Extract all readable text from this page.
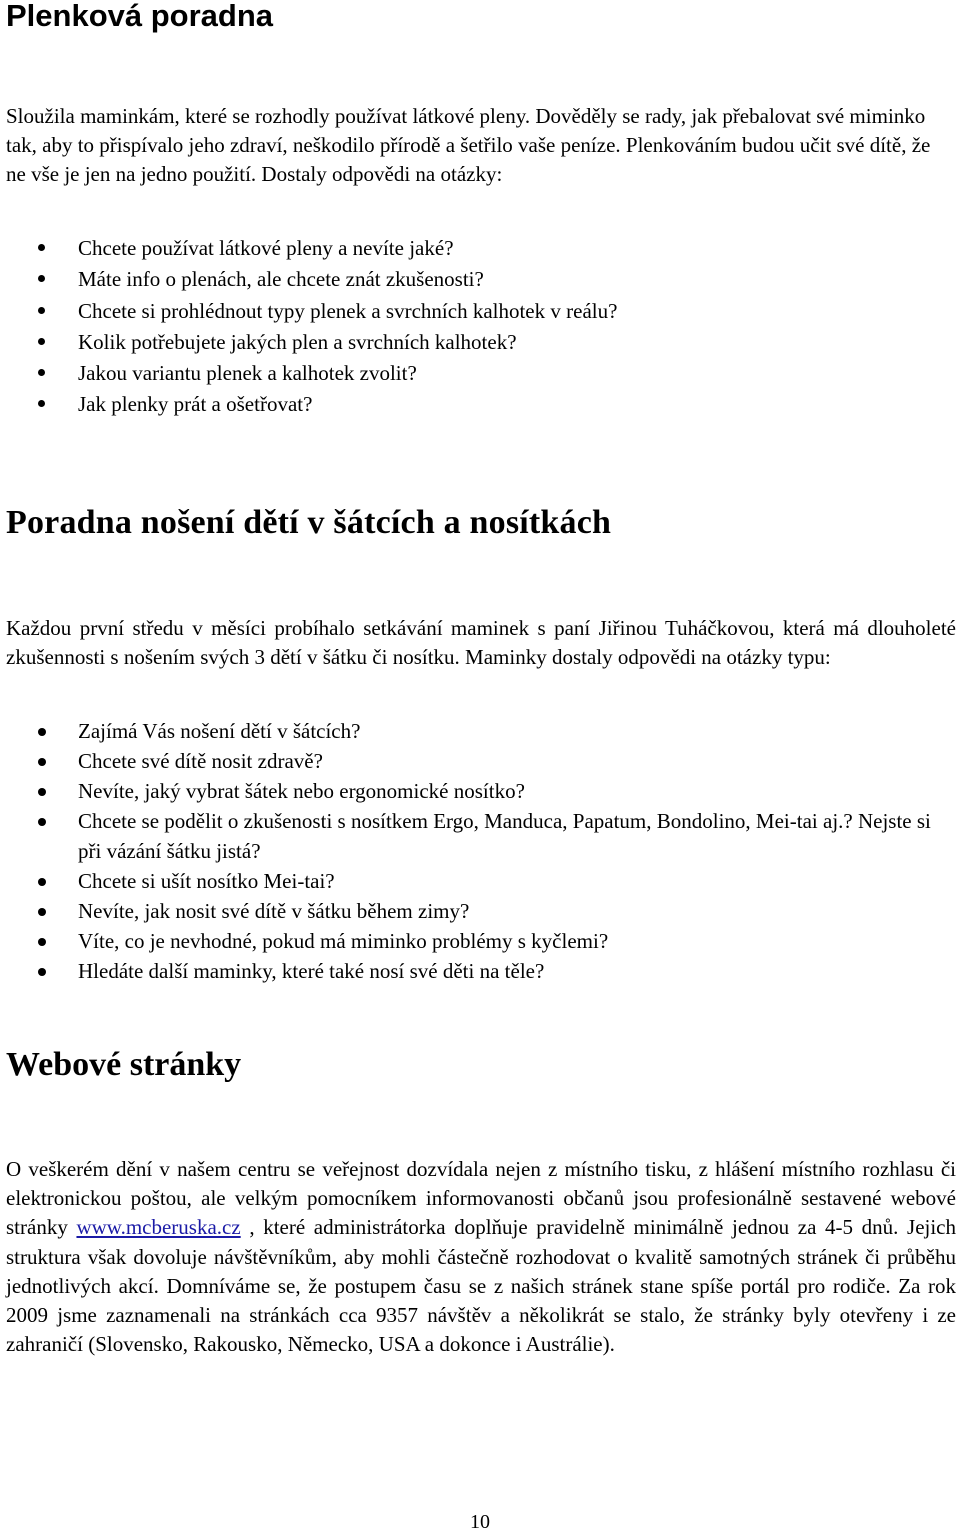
Plenková poradna

Sloužila maminkám, které se rozhodly používat látkové pleny. Dověděly se rady, jak přebalovat své miminko tak, aby to přispívalo jeho zdraví, neškodilo přírodě a šetřilo vaše peníze. Plenkováním budou učit své dítě, že ne vše je jen na jedno použití. Dostaly odpovědi na otázky:

Chcete používat látkové pleny a nevíte jaké?
Máte info o plenách, ale chcete znát zkušenosti?
Chcete si prohlédnout typy plenek a svrchních kalhotek v reálu?
Kolik potřebujete jakých plen a svrchních kalhotek?
Jakou variantu plenek a kalhotek zvolit?
Jak plenky prát a ošetřovat?
Poradna nošení dětí v šátcích a nosítkách

Každou první středu v měsíci probíhalo setkávání maminek s paní Jiřinou Tuháčkovou, která má dlouholeté zkušennosti s nošením svých 3 dětí v šátku či nosítku. Maminky dostaly odpovědi na otázky typu:

Zajímá Vás nošení dětí v šátcích?
Chcete své dítě nosit zdravě?
Nevíte, jaký vybrat šátek nebo ergonomické nosítko?
Chcete se podělit o zkušenosti s nosítkem Ergo, Manduca, Papatum, Bondolino, Mei-tai aj.? Nejste si při vázání šátku jistá?
Chcete si ušít nosítko Mei-tai?
Nevíte, jak nosit své dítě v šátku během zimy?
Víte, co je nevhodné, pokud má miminko problémy s kyčlemi?
Hledáte další maminky, které také nosí své děti na těle?
Webové stránky

O veškerém dění v našem centru se veřejnost dozvídala nejen z místního tisku, z hlášení místního rozhlasu či elektronickou poštou, ale velkým pomocníkem informovanosti občanů jsou profesionálně sestavené webové stránky www.mcberuska.cz , které administrátorka doplňuje pravidelně minimálně jednou za 4-5 dnů. Jejich struktura však dovoluje návštěvníkům, aby mohli částečně rozhodovat o kvalitě samotných stránek či průběhu jednotlivých akcí. Domníváme se, že postupem času se z našich stránek stane spíše portál pro rodiče. Za rok 2009 jsme zaznamenali na stránkách cca 9357 návštěv a několikrát se stalo, že stránky byly otevřeny i ze zahraničí (Slovensko, Rakousko, Německo, USA a dokonce i Austrálie).

10
